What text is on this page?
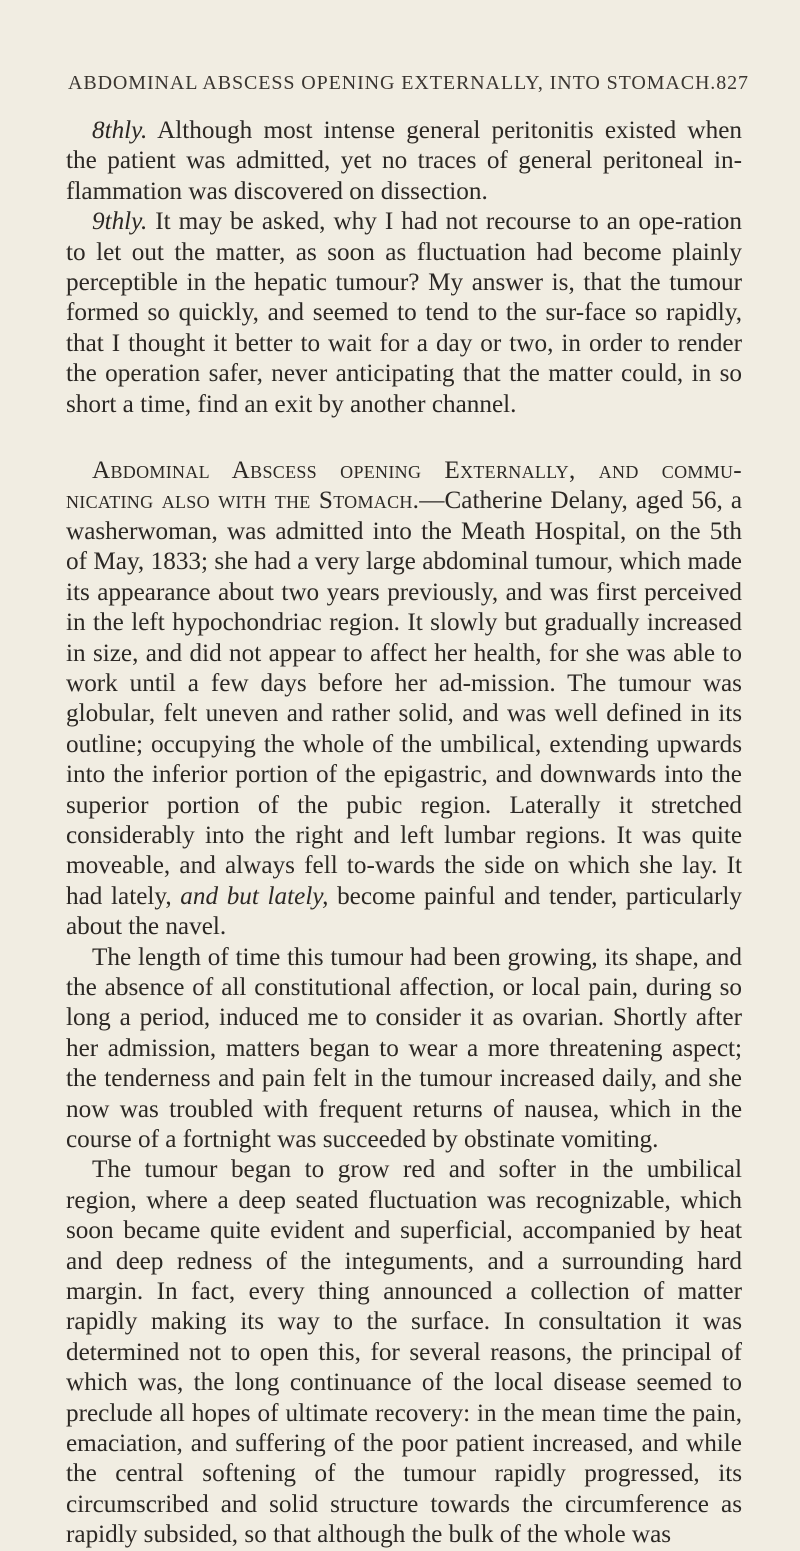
ABDOMINAL ABSCESS OPENING EXTERNALLY, INTO STOMACH. 827

8thly. Although most intense general peritonitis existed when the patient was admitted, yet no traces of general peritoneal in-flammation was discovered on dissection.

9thly. It may be asked, why I had not recourse to an ope-ration to let out the matter, as soon as fluctuation had become plainly perceptible in the hepatic tumour? My answer is, that the tumour formed so quickly, and seemed to tend to the sur-face so rapidly, that I thought it better to wait for a day or two, in order to render the operation safer, never anticipating that the matter could, in so short a time, find an exit by another channel.

Abdominal Abscess opening Externally, and commu-nicating also with the Stomach.—Catherine Delany, aged 56, a washerwoman, was admitted into the Meath Hospital, on the 5th of May, 1833; she had a very large abdominal tumour, which made its appearance about two years previously, and was first perceived in the left hypochondriac region. It slowly but gradually increased in size, and did not appear to affect her health, for she was able to work until a few days before her ad-mission. The tumour was globular, felt uneven and rather solid, and was well defined in its outline; occupying the whole of the umbilical, extending upwards into the inferior portion of the epigastric, and downwards into the superior portion of the pubic region. Laterally it stretched considerably into the right and left lumbar regions. It was quite moveable, and always fell to-wards the side on which she lay. It had lately, and but lately, become painful and tender, particularly about the navel.

The length of time this tumour had been growing, its shape, and the absence of all constitutional affection, or local pain, during so long a period, induced me to consider it as ovarian. Shortly after her admission, matters began to wear a more threatening aspect; the tenderness and pain felt in the tumour increased daily, and she now was troubled with frequent returns of nausea, which in the course of a fortnight was succeeded by obstinate vomiting.

The tumour began to grow red and softer in the umbilical region, where a deep seated fluctuation was recognizable, which soon became quite evident and superficial, accompanied by heat and deep redness of the integuments, and a surrounding hard margin. In fact, every thing announced a collection of matter rapidly making its way to the surface. In consultation it was determined not to open this, for several reasons, the principal of which was, the long continuance of the local disease seemed to preclude all hopes of ultimate recovery: in the mean time the pain, emaciation, and suffering of the poor patient increased, and while the central softening of the tumour rapidly progressed, its circumscribed and solid structure towards the circumference as rapidly subsided, so that although the bulk of the whole was
